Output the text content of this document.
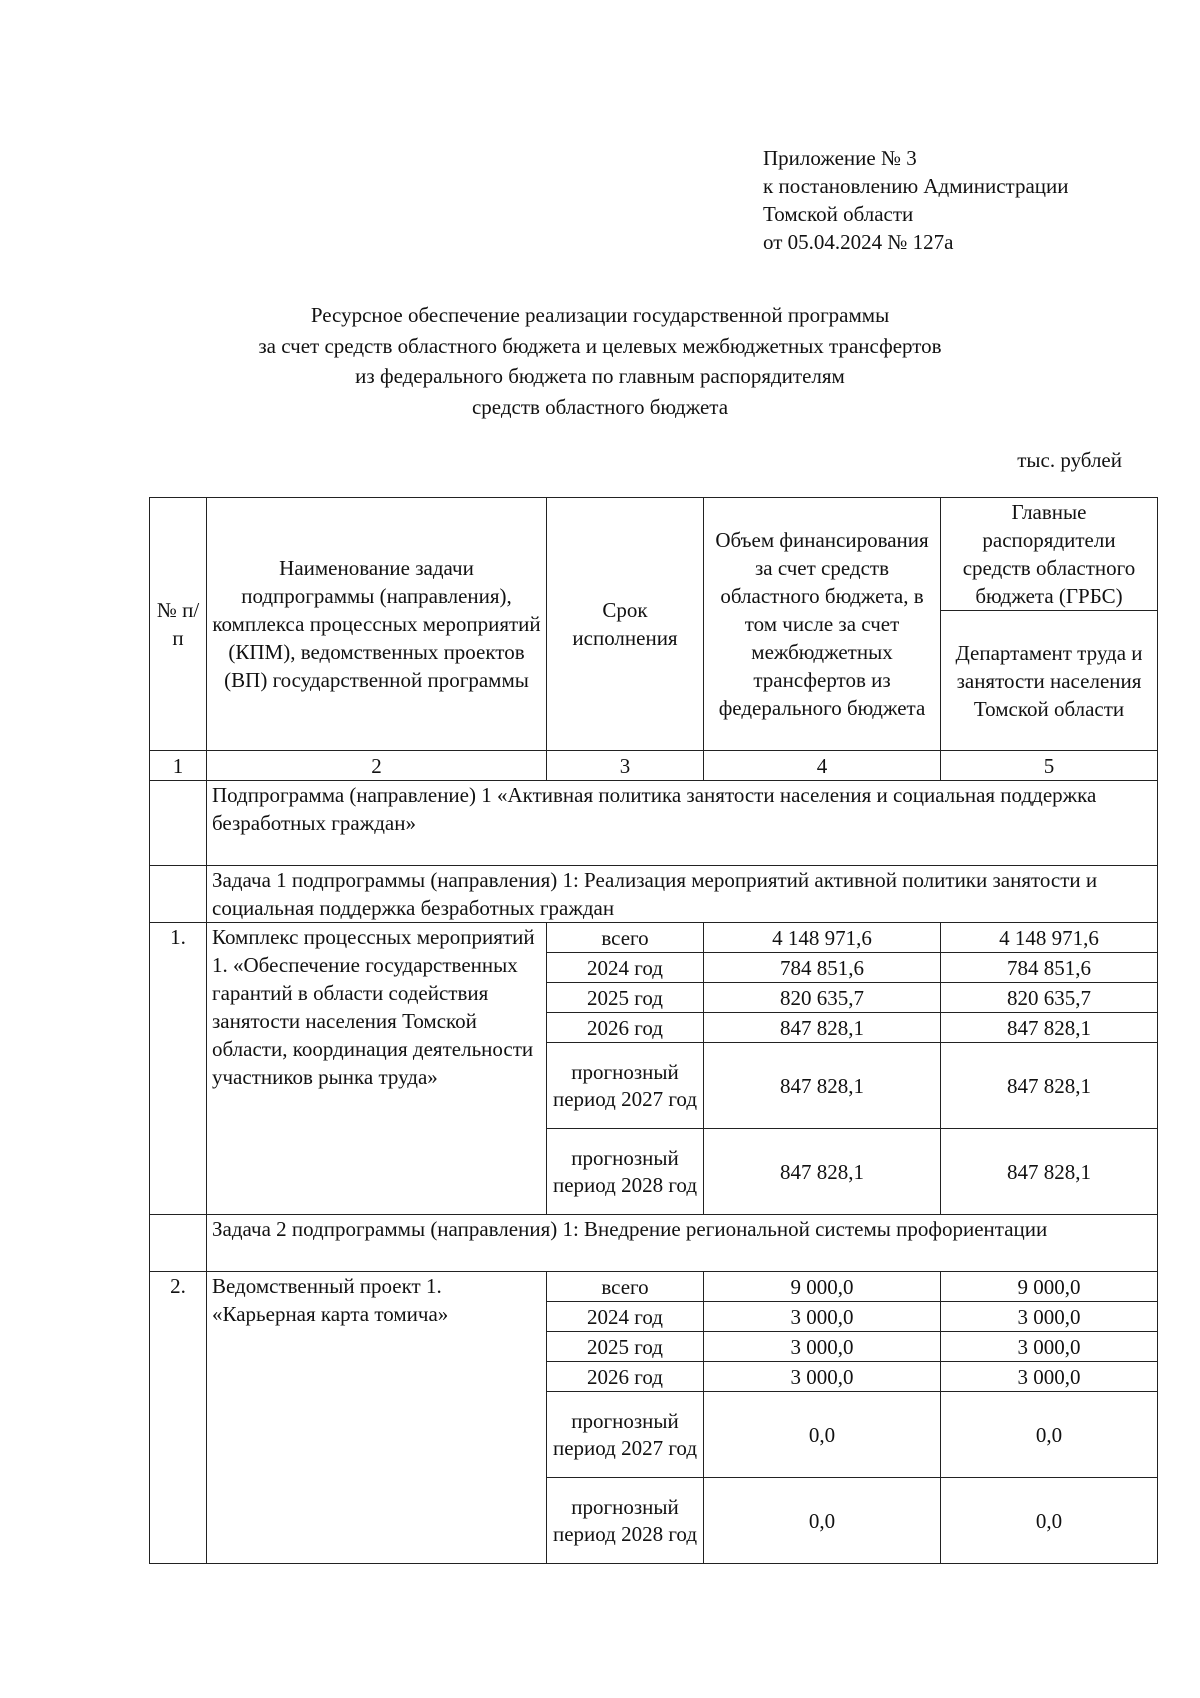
Приложение № 3
к постановлению Администрации
Томской области
от 05.04.2024 № 127а
Ресурсное обеспечение реализации государственной программы
за счет средств областного бюджета и целевых межбюджетных трансфертов
из федерального бюджета по главным распорядителям
средств областного бюджета
тыс. рублей
№ п/п	Наименование задачи подпрограммы (направления), комплекса процессных мероприятий (КПМ), ведомственных проектов (ВП) государственной программы	Срок исполнения	Объем финансирования за счет средств областного бюджета, в том числе за счет межбюджетных трансфертов из федерального бюджета	Главные распорядители средств областного бюджета (ГРБС)
				Департамент труда и занятости населения Томской области
1	2	3	4	5
	Подпрограмма (направление) 1 «Активная политика занятости населения и социальная поддержка безработных граждан»			
	Задача 1 подпрограммы (направления) 1: Реализация мероприятий активной политики занятости и социальная поддержка безработных граждан			
1.	Комплекс процессных мероприятий 1. «Обеспечение государственных гарантий в области содействия занятости населения Томской области, координация деятельности участников рынка труда»	всего	4 148 971,6	4 148 971,6
		2024 год	784 851,6	784 851,6
		2025 год	820 635,7	820 635,7
		2026 год	847 828,1	847 828,1
		прогнозный период 2027 год	847 828,1	847 828,1
		прогнозный период 2028 год	847 828,1	847 828,1
	Задача 2 подпрограммы (направления) 1: Внедрение региональной системы профориентации			
2.	Ведомственный проект 1. «Карьерная карта томича»	всего	9 000,0	9 000,0
		2024 год	3 000,0	3 000,0
		2025 год	3 000,0	3 000,0
		2026 год	3 000,0	3 000,0
		прогнозный период 2027 год	0,0	0,0
		прогнозный период 2028 год	0,0	0,0
